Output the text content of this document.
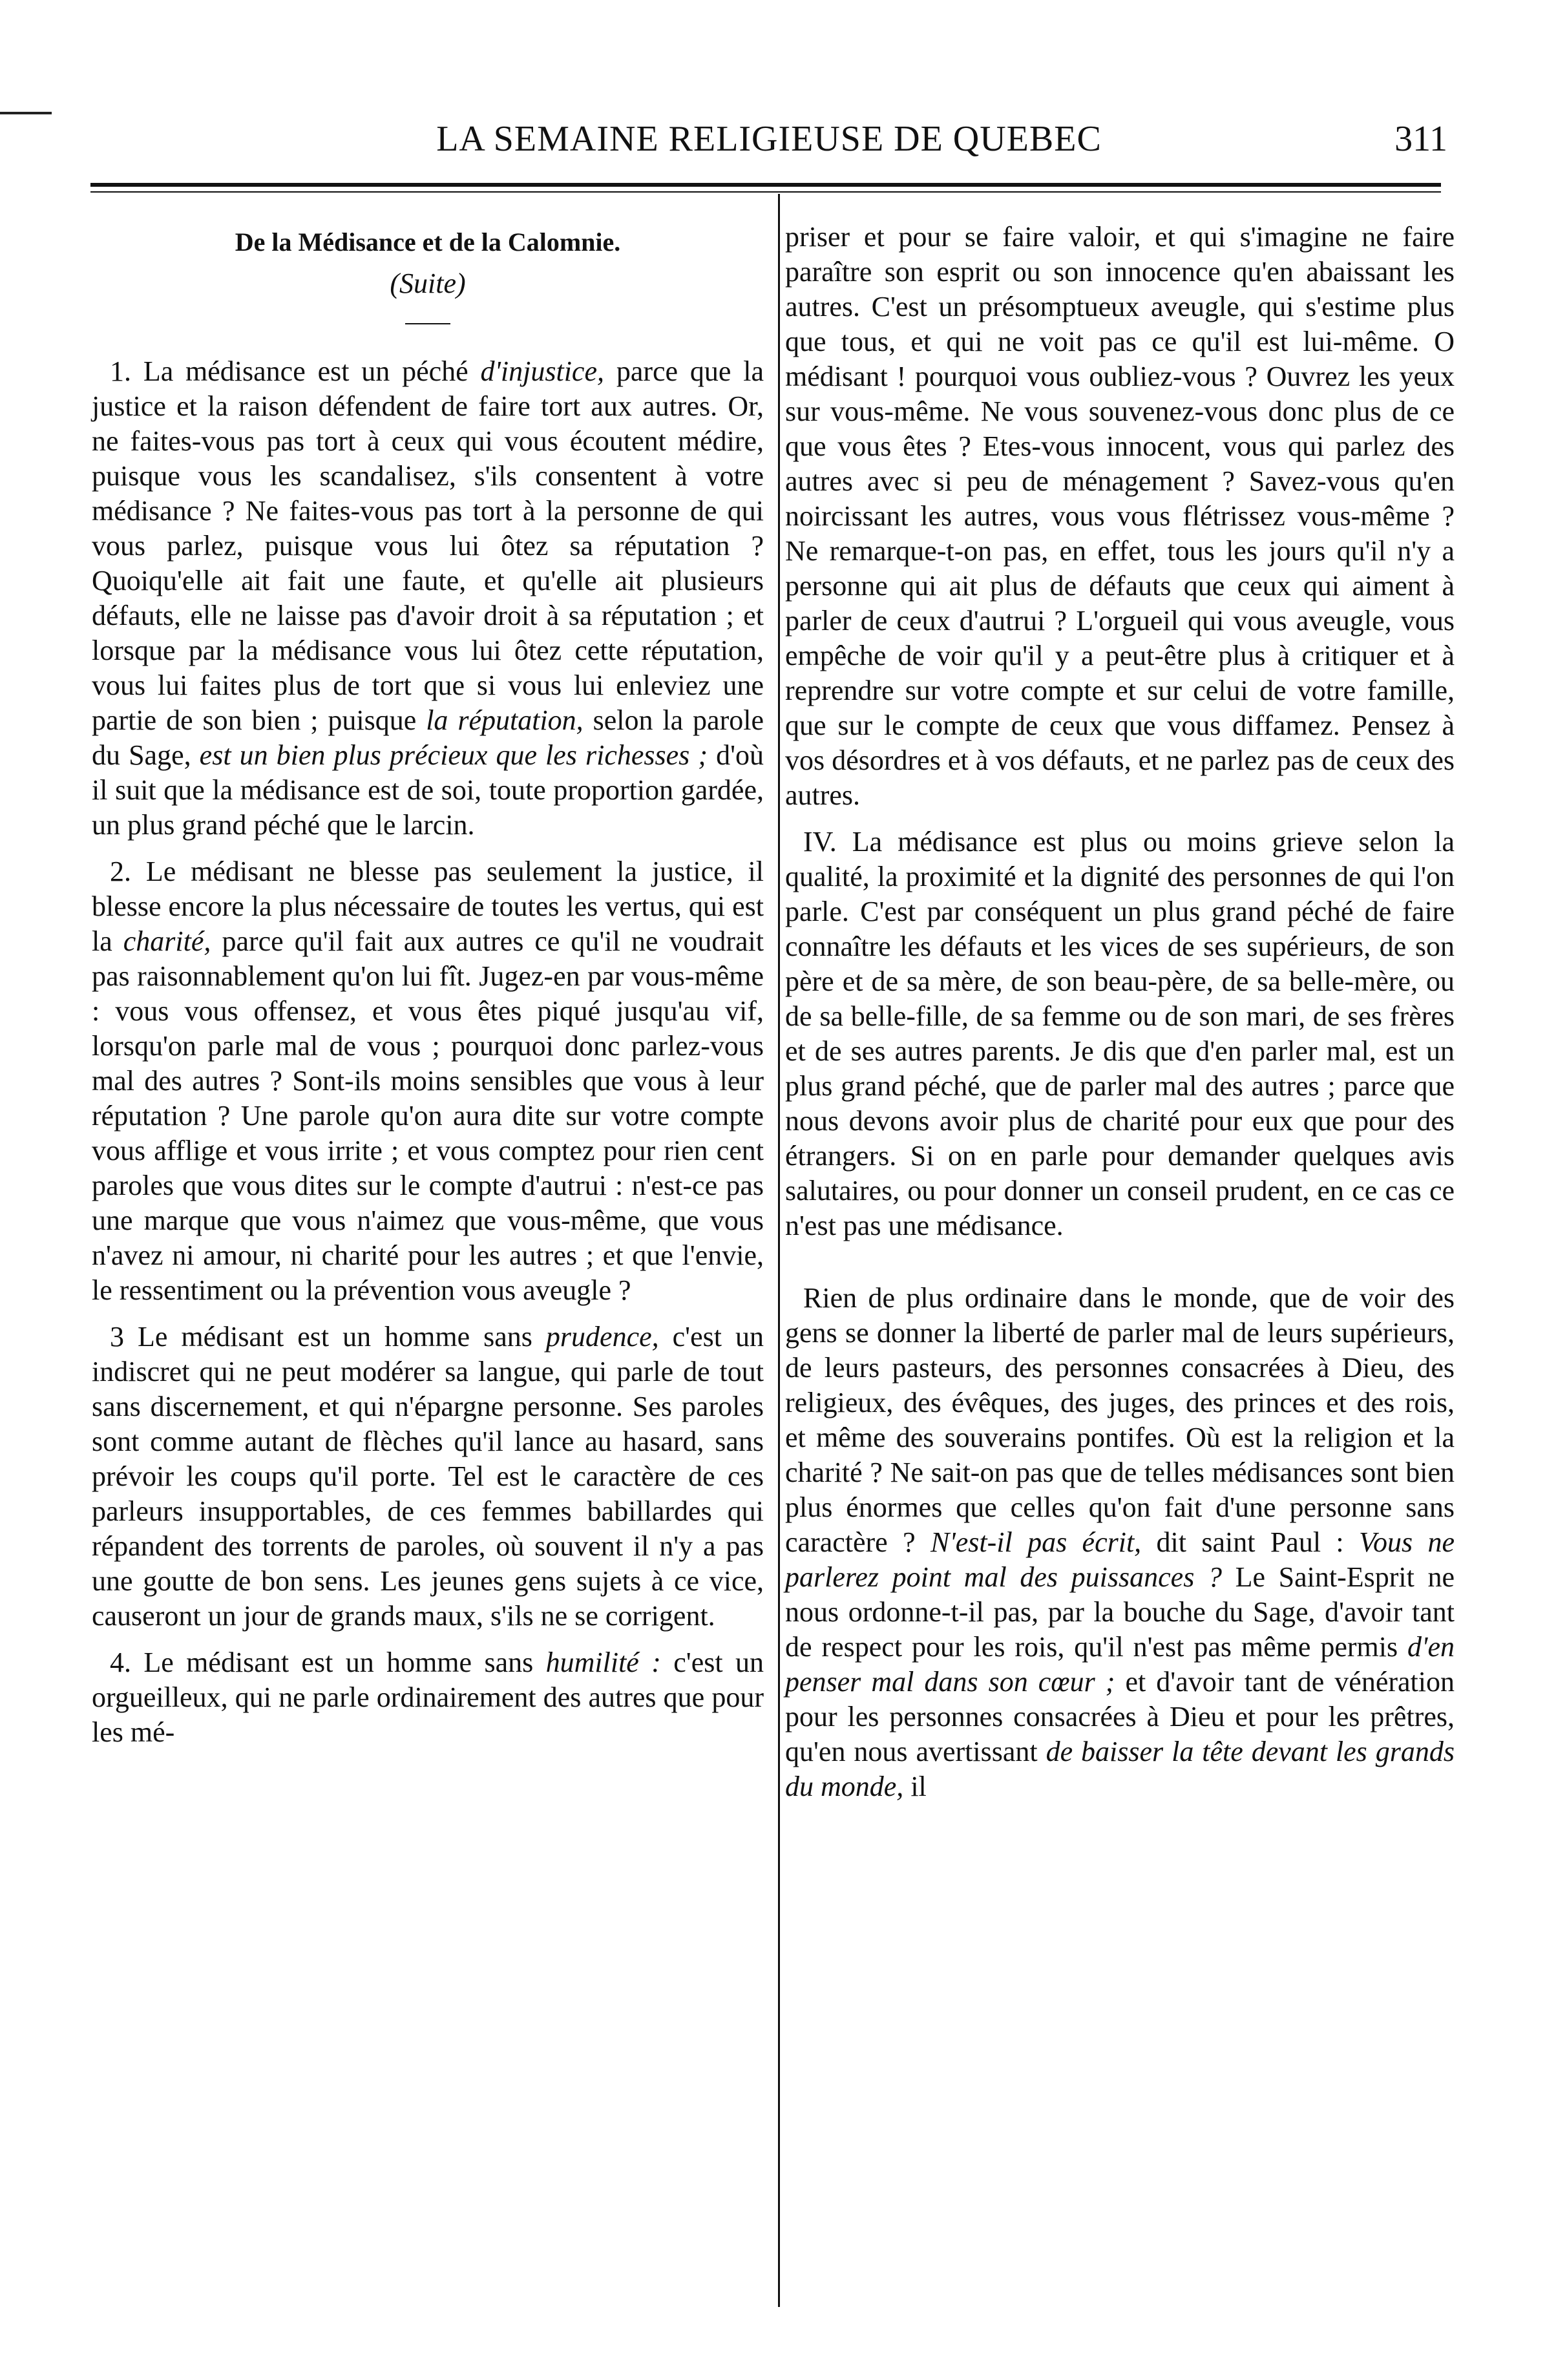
LA SEMAINE RELIGIEUSE DE QUEBEC	311
De la Médisance et de la Calomnie.
(Suite)

1. La médisance est un péché d'injustice, parce que la justice et la raison défendent de faire tort aux autres. Or, ne faites-vous pas tort à ceux qui vous écoutent médire, puisque vous les scandalisez, s'ils consentent à votre médisance ? Ne faites-vous pas tort à la personne de qui vous parlez, puisque vous lui ôtez sa réputation ? Quoiqu'elle ait fait une faute, et qu'elle ait plusieurs défauts, elle ne laisse pas d'avoir droit à sa réputation ; et lorsque par la médisance vous lui ôtez cette réputation, vous lui faites plus de tort que si vous lui enleviez une partie de son bien ; puisque la réputation, selon la parole du Sage, est un bien plus précieux que les richesses ; d'où il suit que la médisance est de soi, toute proportion gardée, un plus grand péché que le larcin.

2. Le médisant ne blesse pas seulement la justice, il blesse encore la plus nécessaire de toutes les vertus, qui est la charité, parce qu'il fait aux autres ce qu'il ne voudrait pas raisonnablement qu'on lui fît. Jugez-en par vous-même : vous vous offensez, et vous êtes piqué jusqu'au vif, lorsqu'on parle mal de vous ; pourquoi donc parlez-vous mal des autres ? Sont-ils moins sensibles que vous à leur réputation ? Une parole qu'on aura dite sur votre compte vous afflige et vous irrite ; et vous comptez pour rien cent paroles que vous dites sur le compte d'autrui : n'est-ce pas une marque que vous n'aimez que vous-même, que vous n'avez ni amour, ni charité pour les autres ; et que l'envie, le ressentiment ou la prévention vous aveugle ?

3 Le médisant est un homme sans prudence, c'est un indiscret qui ne peut modérer sa langue, qui parle de tout sans discernement, et qui n'épargne personne. Ses paroles sont comme autant de flèches qu'il lance au hasard, sans prévoir les coups qu'il porte. Tel est le caractère de ces parleurs insupportables, de ces femmes babillardes qui répandent des torrents de paroles, où souvent il n'y a pas une goutte de bon sens. Les jeunes gens sujets à ce vice, causeront un jour de grands maux, s'ils ne se corrigent.

4. Le médisant est un homme sans humilité : c'est un orgueilleux, qui ne parle ordinairement des autres que pour les mé-

priser et pour se faire valoir, et qui s'imagine ne faire paraître son esprit ou son innocence qu'en abaissant les autres. C'est un présomptueux aveugle, qui s'estime plus que tous, et qui ne voit pas ce qu'il est lui-même. O médisant ! pourquoi vous oubliez-vous ? Ouvrez les yeux sur vous-même. Ne vous souvenez-vous donc plus de ce que vous êtes ? Etes-vous innocent, vous qui parlez des autres avec si peu de ménagement ? Savez-vous qu'en noircissant les autres, vous vous flétrissez vous-même ? Ne remarque-t-on pas, en effet, tous les jours qu'il n'y a personne qui ait plus de défauts que ceux qui aiment à parler de ceux d'autrui ? L'orgueil qui vous aveugle, vous empêche de voir qu'il y a peut-être plus à critiquer et à reprendre sur votre compte et sur celui de votre famille, que sur le compte de ceux que vous diffamez. Pensez à vos désordres et à vos défauts, et ne parlez pas de ceux des autres.

IV. La médisance est plus ou moins grieve selon la qualité, la proximité et la dignité des personnes de qui l'on parle. C'est par conséquent un plus grand péché de faire connaître les défauts et les vices de ses supérieurs, de son père et de sa mère, de son beau-père, de sa belle-mère, ou de sa belle-fille, de sa femme ou de son mari, de ses frères et de ses autres parents. Je dis que d'en parler mal, est un plus grand péché, que de parler mal des autres ; parce que nous devons avoir plus de charité pour eux que pour des étrangers. Si on en parle pour demander quelques avis salutaires, ou pour donner un conseil prudent, en ce cas ce n'est pas une médisance.

Rien de plus ordinaire dans le monde, que de voir des gens se donner la liberté de parler mal de leurs supérieurs, de leurs pasteurs, des personnes consacrées à Dieu, des religieux, des évêques, des juges, des princes et des rois, et même des souverains pontifes. Où est la religion et la charité ? Ne sait-on pas que de telles médisances sont bien plus énormes que celles qu'on fait d'une personne sans caractère ? N'est-il pas écrit, dit saint Paul : Vous ne parlerez point mal des puissances ? Le Saint-Esprit ne nous ordonne-t-il pas, par la bouche du Sage, d'avoir tant de respect pour les rois, qu'il n'est pas même permis d'en penser mal dans son cœur ; et d'avoir tant de vénération pour les personnes consacrées à Dieu et pour les prêtres, qu'en nous avertissant de baisser la tête devant les grands du monde, il
